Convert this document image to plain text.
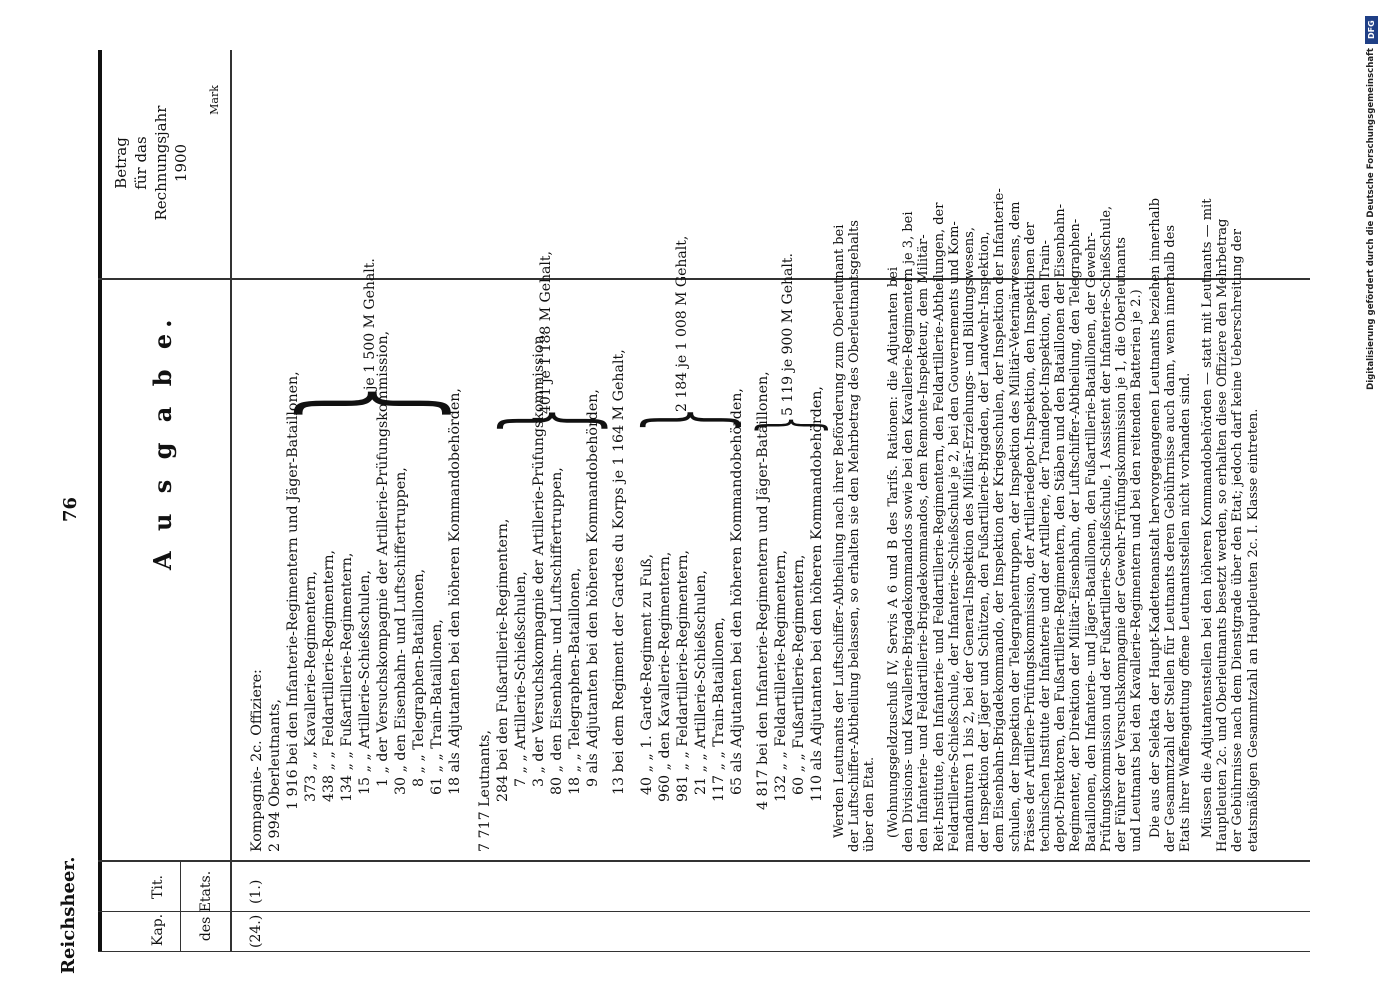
Reichsheer.
76	A u s g a b e.
Kap.
Tit. des Etats.
Betrag für das Rechnungsjahr 1900
Mark
(24.)
(1.)
Kompagnie- 2c. Offiziere: 2 994 Oberleutnants, 1 916 bei den Infanterie-Regimentern und Jäger-Bataillonen, 373 „ „ Kavallerie-Regimentern, 438 „ „ Feldartillerie-Regimentern, 134 „ „ Fußartillerie-Regimentern, 15 „ „ Artillerie-Schießschulen, 1 „ der Versuchskompagnie der Artillerie-Prüfungskommission, 30 „ den Eisenbahn- und Luftschiffertruppen, 8 „ „ Telegraphen-Bataillonen, 61 „ „ Train-Bataillonen, 18 als Adjutanten bei den höheren Kommandobehörden, 7 717 Leutnants, 284 bei den Fußartillerie-Regimentern, 7 „ „ Artillerie-Schießschulen, 3 „ der Versuchskompagnie der Artillerie-Prüfungskommission, 80 „ den Eisenbahn- und Luftschiffertruppen, 18 „ „ Telegraphen-Bataillonen, 9 als Adjutanten bei den höheren Kommandobehörden, 13 bei dem Regiment der Gardes du Korps je 1 164 M Gehalt, 40 „ „ 1. Garde-Regiment zu Fuß, 960 „ den Kavallerie-Regimentern, 981 „ „ Feldartillerie-Regimentern, 21 „ „ Artillerie-Schießschulen, 117 „ „ Train-Bataillonen, 65 als Adjutanten bei den höheren Kommandobehörden, 4 817 bei den Infanterie-Regimentern und Jäger-Bataillonen, 132 „ „ Feldartillerie-Regimentern, 60 „ „ Fußartillerie-Regimentern, 110 als Adjutanten bei den höheren Kommandobehörden,
}
je 1 500 M Gehalt.
}
401 je 1 188 M Gehalt,
}
2 184 je 1 008 M Gehalt,
}
5 119 je 900 M Gehalt.	Werden Leutnants der Luftschiffer-Abtheilung nach ihrer Beförderung zum Oberleutnant bei der Luftschiffer-Abtheilung belassen, so erhalten sie den Mehrbetrag des Oberleutnantsgehalts über den Etat. (Wohnungsgeldzuschuß IV, Servis A 6 und B des Tarifs. Rationen: die Adjutanten bei den Divisions- und Kavallerie-Brigadekommandos sowie bei den Kavallerie-Regimentern je 3, bei den Infanterie- und Feldartillerie-Brigadekommandos, dem Remonte-Inspekteur, dem Militär- Reit-Institute, den Infanterie- und Feldartillerie-Regimentern, den Feldartillerie-Abtheilungen, der Feldartillerie-Schießschule, der Infanterie-Schießschule je 2, bei den Gouvernements und Kom- mandanturen 1 bis 2, bei der General-Inspektion des Militär-Erziehungs- und Bildungswesens, der Inspektion der Jäger und Schützen, den Fußartillerie-Brigaden, der Landwehr-Inspektion, dem Eisenbahn-Brigadekommando, der Inspektion der Kriegsschulen, der Inspektion der Infanterie- schulen, der Inspektion der Telegraphentruppen, der Inspektion des Militär-Veterinärwesens, dem Präses der Artillerie-Prüfungskommission, der Artilleriedepot-Inspektion, den Inspektionen der technischen Institute der Infanterie und der Artillerie, der Traindepot-Inspektion, den Train- depot-Direktoren, den Fußartillerie-Regimentern, den Stäben und den Bataillonen der Eisenbahn- Regimenter, der Direktion der Militär-Eisenbahn, der Luftschiffer-Abtheilung, den Telegraphen- Bataillonen, den Infanterie- und Jäger-Bataillonen, den Fußartillerie-Bataillonen, der Gewehr- Prüfungskommission und der Fußartillerie-Schießschule, 1 Assistent der Infanterie-Schießschule, der Führer der Versuchskompagnie der Gewehr-Prüfungskommission je 1, die Oberleutnants und Leutnants bei den Kavallerie-Regimentern und bei den reitenden Batterien je 2.) Die aus der Selekta der Haupt-Kadettenanstalt hervorgegangenen Leutnants beziehen innerhalb der Gesammtzahl der Stellen für Leutnants deren Gebührnisse auch dann, wenn innerhalb des Etats ihrer Waffengattung offene Leutnantsstellen nicht vorhanden sind. Müssen die Adjutantenstellen bei den höheren Kommandobehörden — statt mit Leutnants — mit Hauptleuten 2c. und Oberleutnants besetzt werden, so erhalten diese Offiziere den Mehrbetrag der Gebührnisse nach dem Dienstgrade über den Etat; jedoch darf keine Ueberschreitung der etatsmäßigen Gesammtzahl an Hauptleuten 2c. I. Klasse eintreten.
DFG
Digitalisierung gefördert durch die Deutsche Forschungsgemeinschaft
